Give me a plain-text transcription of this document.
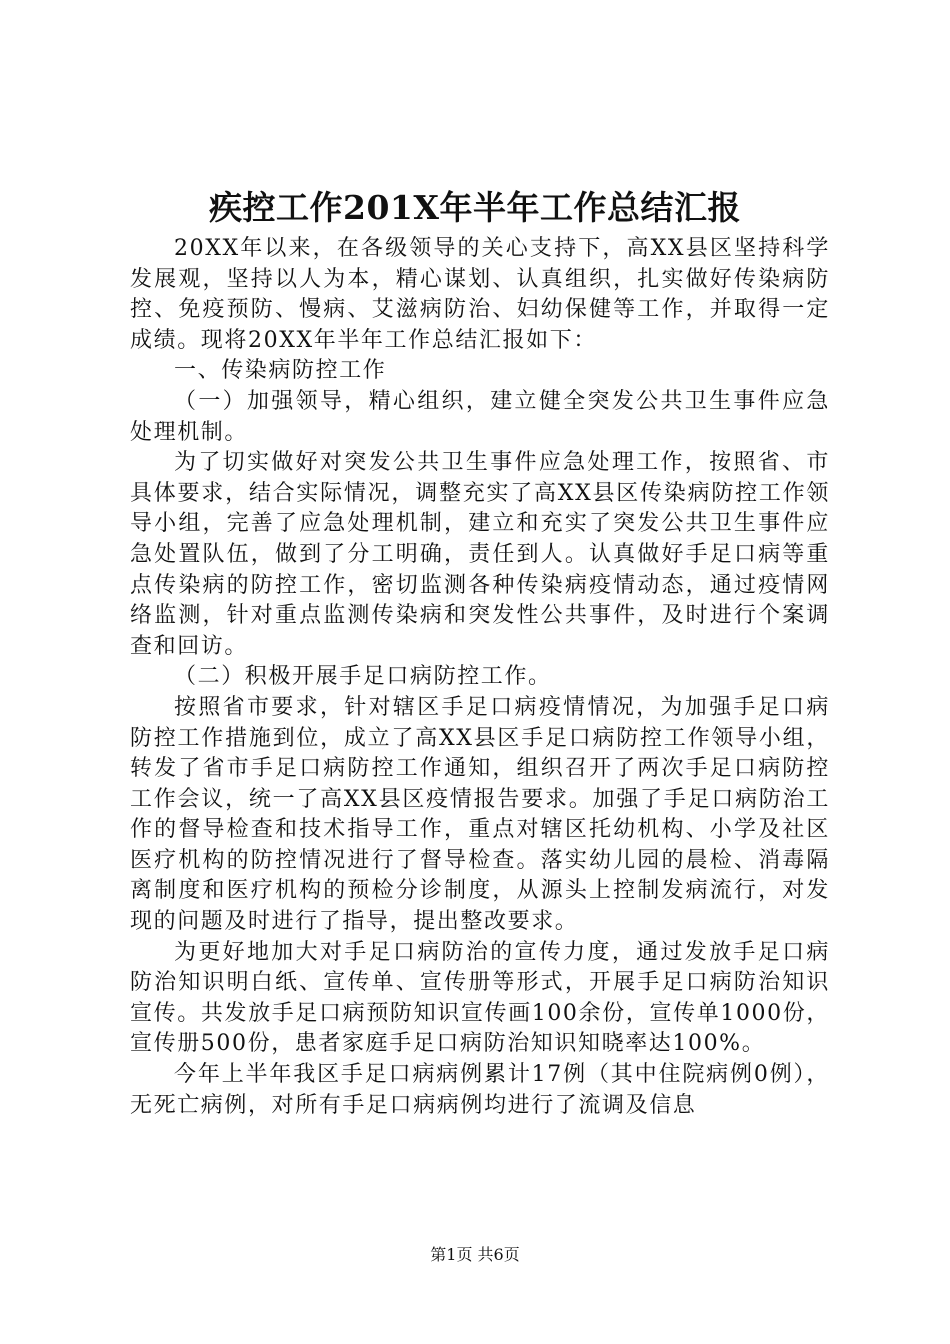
疾控工作201X年半年工作总结汇报

20XX年以来，在各级领导的关心支持下，高XX县区坚持科学发展观，坚持以人为本，精心谋划、认真组织，扎实做好传染病防控、免疫预防、慢病、艾滋病防治、妇幼保健等工作，并取得一定成绩。现将20XX年半年工作总结汇报如下：

一、传染病防控工作

（一）加强领导，精心组织，建立健全突发公共卫生事件应急处理机制。

为了切实做好对突发公共卫生事件应急处理工作，按照省、市具体要求，结合实际情况，调整充实了高XX县区传染病防控工作领导小组，完善了应急处理机制，建立和充实了突发公共卫生事件应急处置队伍，做到了分工明确，责任到人。认真做好手足口病等重点传染病的防控工作，密切监测各种传染病疫情动态，通过疫情网络监测，针对重点监测传染病和突发性公共事件，及时进行个案调查和回访。

（二）积极开展手足口病防控工作。

按照省市要求，针对辖区手足口病疫情情况，为加强手足口病防控工作措施到位，成立了高XX县区手足口病防控工作领导小组，转发了省市手足口病防控工作通知，组织召开了两次手足口病防控工作会议，统一了高XX县区疫情报告要求。加强了手足口病防治工作的督导检查和技术指导工作，重点对辖区托幼机构、小学及社区医疗机构的防控情况进行了督导检查。落实幼儿园的晨检、消毒隔离制度和医疗机构的预检分诊制度，从源头上控制发病流行，对发现的问题及时进行了指导，提出整改要求。

为更好地加大对手足口病防治的宣传力度，通过发放手足口病防治知识明白纸、宣传单、宣传册等形式，开展手足口病防治知识宣传。共发放手足口病预防知识宣传画100余份，宣传单1000份，宣传册500份，患者家庭手足口病防治知识知晓率达100%。

今年上半年我区手足口病病例累计17例（其中住院病例0例），无死亡病例，对所有手足口病病例均进行了流调及信息

第1页 共6页
